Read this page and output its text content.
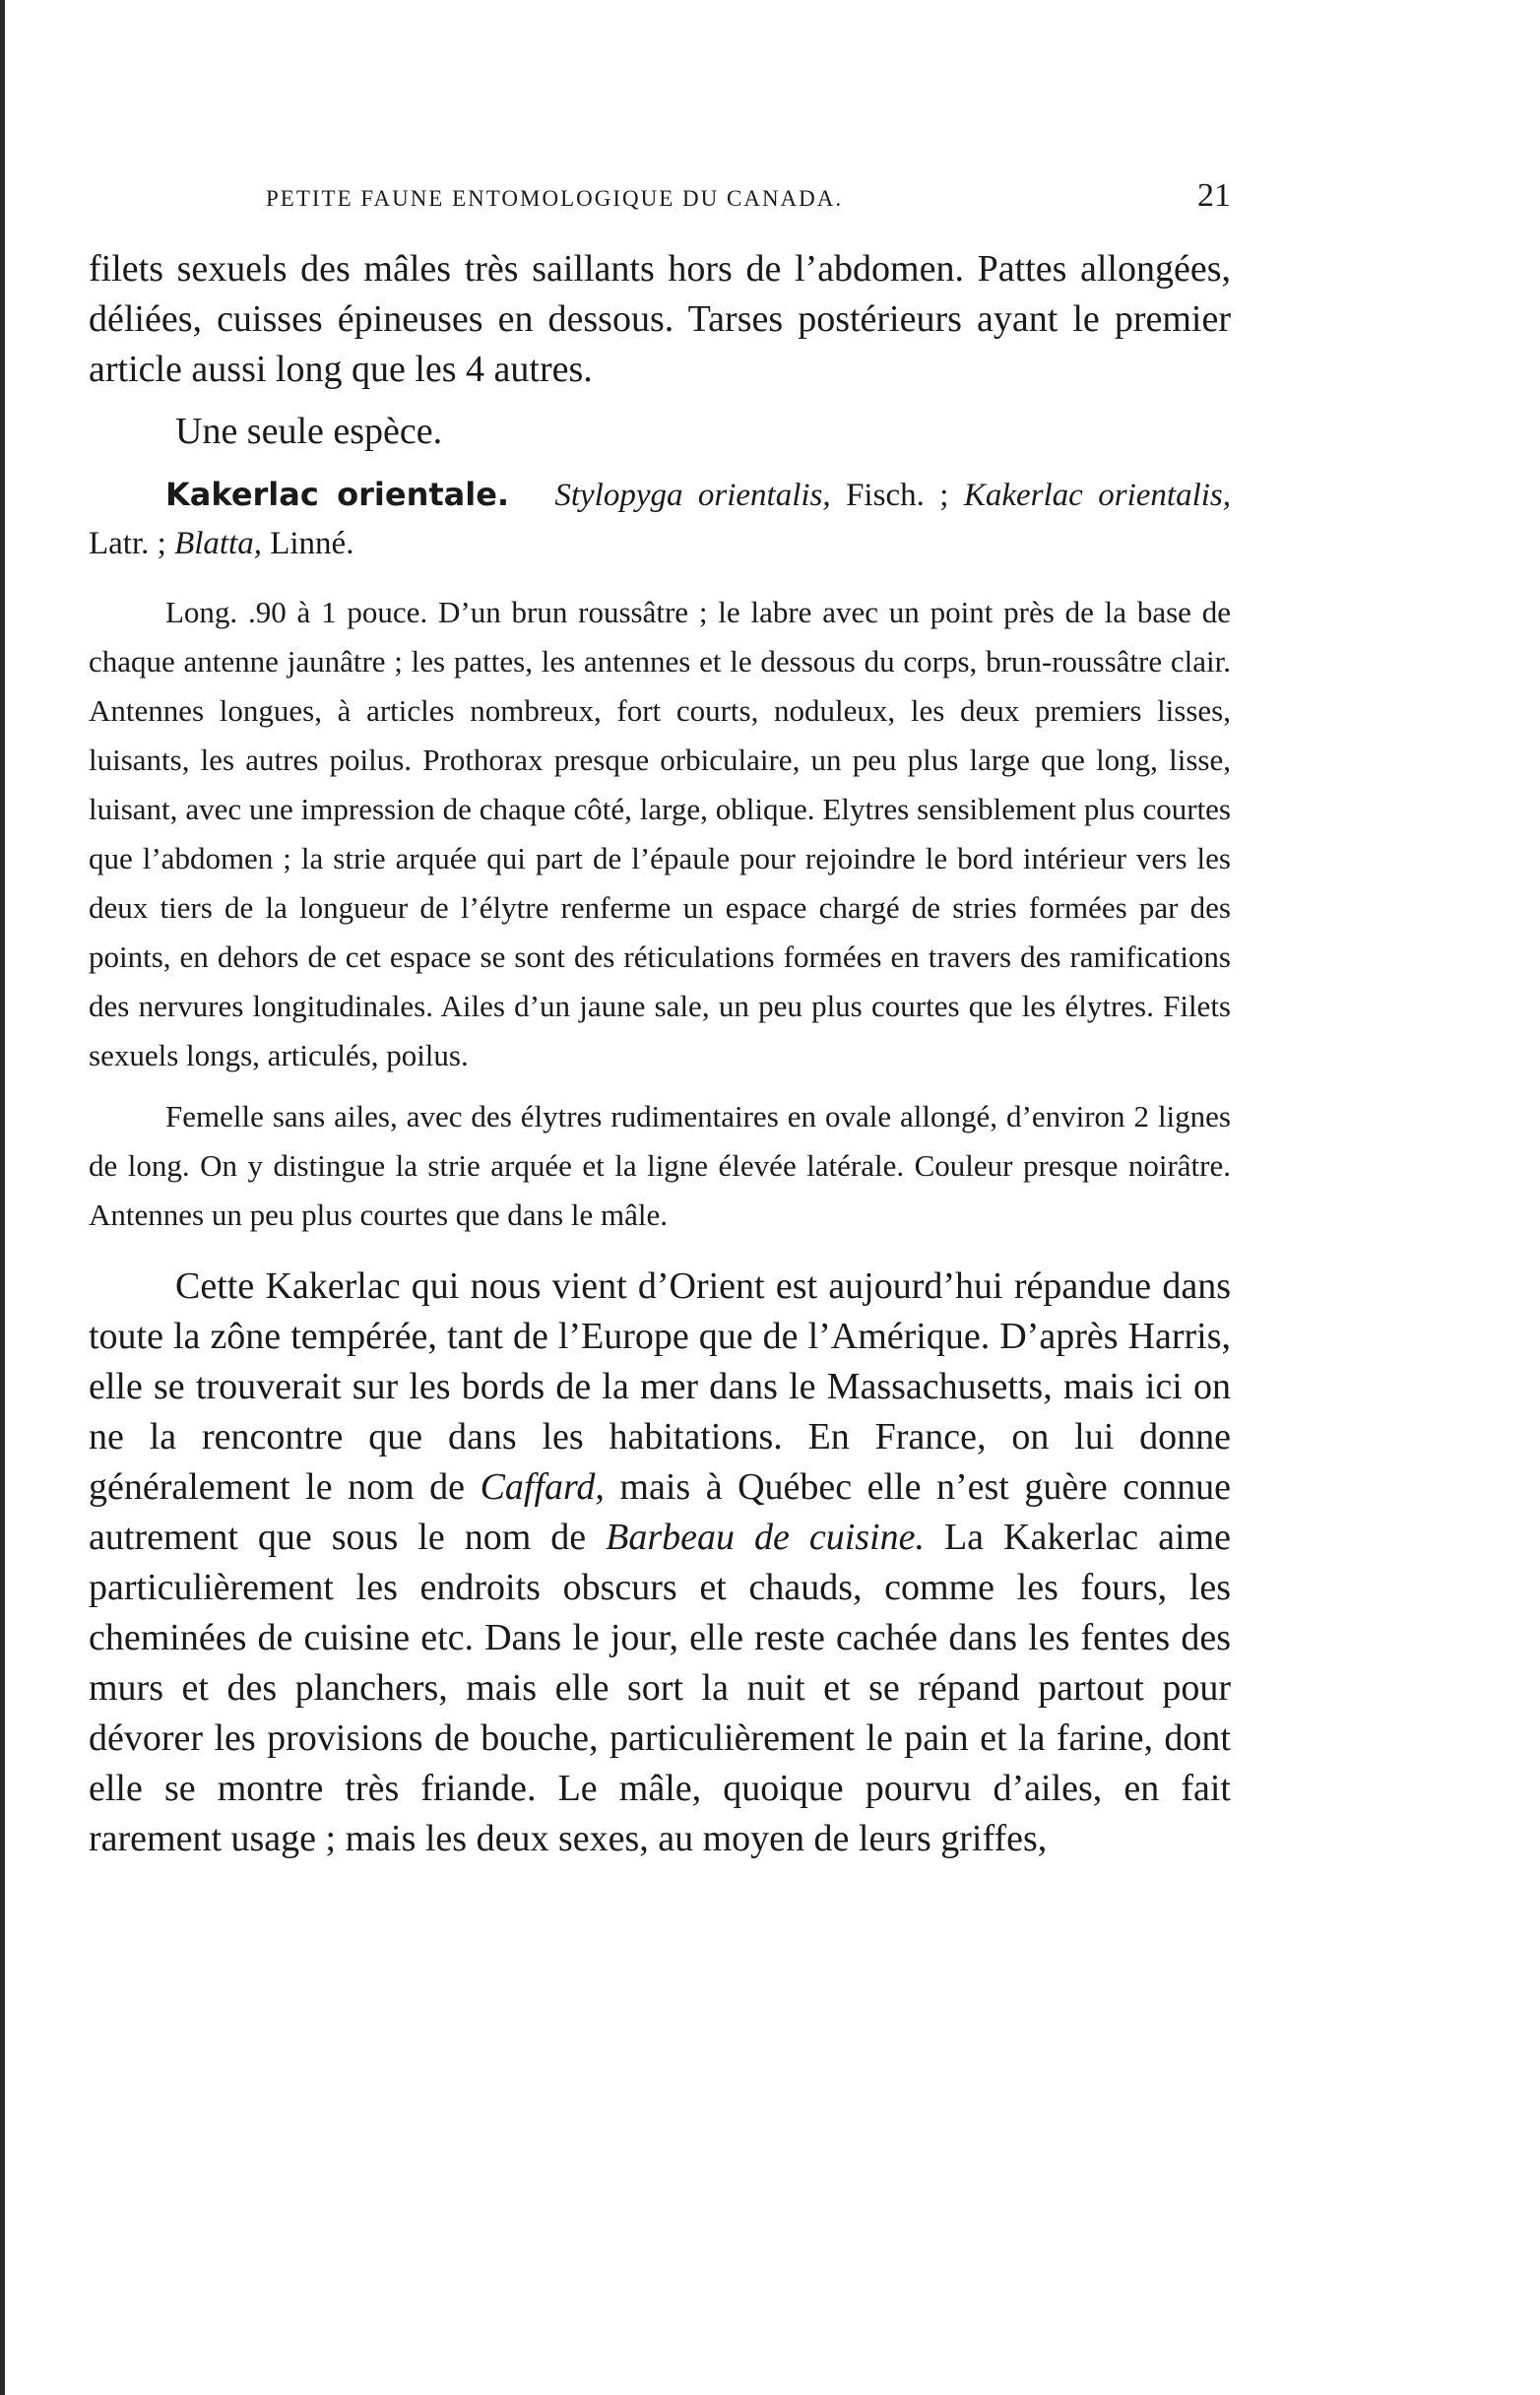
PETITE FAUNE ENTOMOLOGIQUE DU CANADA.	21

filets sexuels des mâles très saillants hors de l’abdomen. Pattes allongées, déliées, cuisses épineuses en dessous. Tarses postérieurs ayant le premier article aussi long que les 4 autres.

Une seule espèce.

Kakerlac orientale. Stylopyga orientalis, Fisch. ; Kakerlac orientalis, Latr. ; Blatta, Linné.

Long. .90 à 1 pouce. D’un brun roussâtre ; le labre avec un point près de la base de chaque antenne jaunâtre ; les pattes, les antennes et le dessous du corps, brun-roussâtre clair. Antennes longues, à articles nombreux, fort courts, noduleux, les deux premiers lisses, luisants, les autres poilus. Prothorax presque orbiculaire, un peu plus large que long, lisse, luisant, avec une impression de chaque côté, large, oblique. Elytres sensiblement plus courtes que l’abdomen ; la strie arquée qui part de l’épaule pour rejoindre le bord intérieur vers les deux tiers de la longueur de l’élytre renferme un espace chargé de stries formées par des points, en dehors de cet espace se sont des réticulations formées en travers des ramifications des nervures longitudinales. Ailes d’un jaune sale, un peu plus courtes que les élytres. Filets sexuels longs, articulés, poilus.

Femelle sans ailes, avec des élytres rudimentaires en ovale allongé, d’environ 2 lignes de long. On y distingue la strie arquée et la ligne élevée latérale. Couleur presque noirâtre. Antennes un peu plus courtes que dans le mâle.

Cette Kakerlac qui nous vient d’Orient est aujourd’hui répandue dans toute la zône tempérée, tant de l’Europe que de l’Amérique. D’après Harris, elle se trouverait sur les bords de la mer dans le Massachusetts, mais ici on ne la rencontre que dans les habitations. En France, on lui donne généralement le nom de Caffard, mais à Québec elle n’est guère connue autrement que sous le nom de Barbeau de cuisine. La Kakerlac aime particulièrement les endroits obscurs et chauds, comme les fours, les cheminées de cuisine etc. Dans le jour, elle reste cachée dans les fentes des murs et des planchers, mais elle sort la nuit et se répand partout pour dévorer les provisions de bouche, particulièrement le pain et la farine, dont elle se montre très friande. Le mâle, quoique pourvu d’ailes, en fait rarement usage ; mais les deux sexes, au moyen de leurs griffes,
